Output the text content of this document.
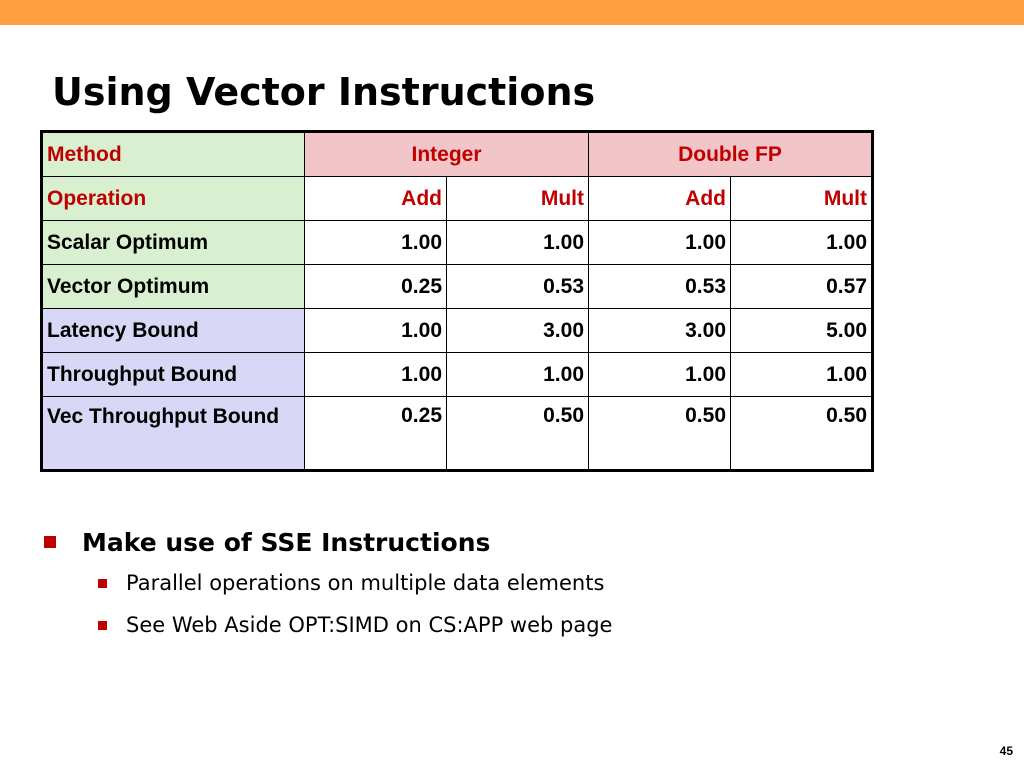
Using Vector Instructions
Method	Integer		Double FP	
Operation	Add	Mult	Add	Mult
Scalar Optimum	1.00	1.00	1.00	1.00
Vector Optimum	0.25	0.53	0.53	0.57
Latency Bound	1.00	3.00	3.00	5.00
Throughput Bound	1.00	1.00	1.00	1.00
Vec Throughput Bound	0.25	0.50	0.50	0.50
Make use of SSE Instructions
Parallel operations on multiple data elements
See Web Aside OPT:SIMD on CS:APP web page
45
